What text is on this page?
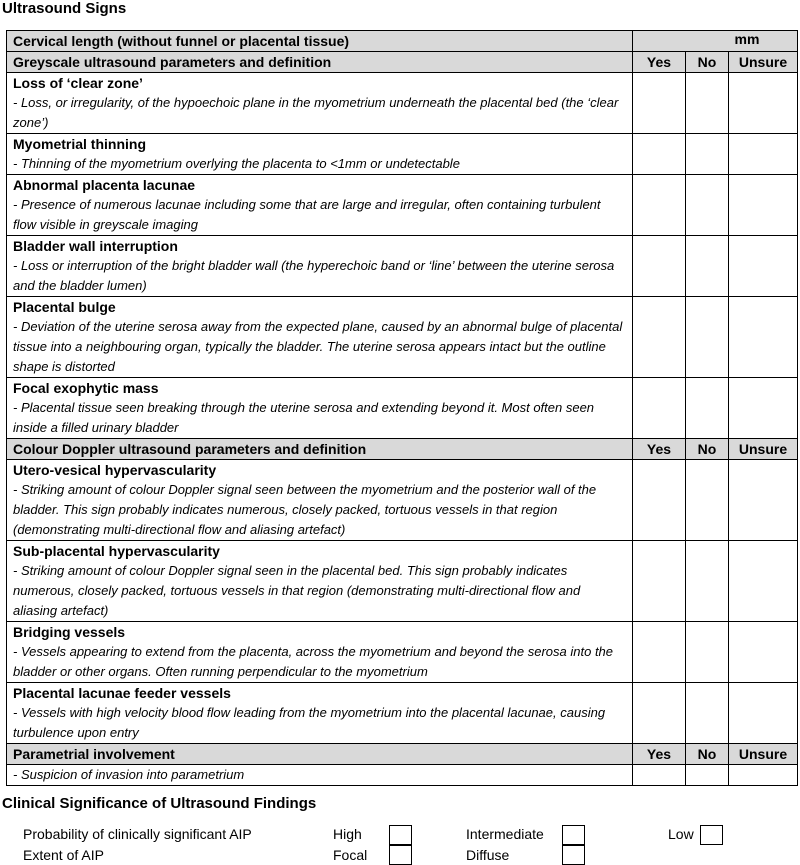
Ultrasound Signs
Cervical length (without funnel or placental tissue)	mm		
Greyscale ultrasound parameters and definition	Yes	No	Unsure

Loss of ‘clear zone’
- Loss, or irregularity, of the hypoechoic plane in the myometrium underneath the placental bed (the ‘clear zone’)			

Myometrial thinning
- Thinning of the myometrium overlying the placenta to <1mm or undetectable			

Abnormal placenta lacunae
- Presence of numerous lacunae including some that are large and irregular, often containing turbulent flow visible in greyscale imaging			

Bladder wall interruption
- Loss or interruption of the bright bladder wall (the hyperechoic band or ‘line’ between the uterine serosa and the bladder lumen)			

Placental bulge
- Deviation of the uterine serosa away from the expected plane, caused by an abnormal bulge of placental tissue into a neighbouring organ, typically the bladder. The uterine serosa appears intact but the outline shape is distorted			

Focal exophytic mass
- Placental tissue seen breaking through the uterine serosa and extending beyond it. Most often seen inside a filled urinary bladder			

Colour Doppler ultrasound parameters and definition	Yes	No	Unsure

Utero-vesical hypervascularity
- Striking amount of colour Doppler signal seen between the myometrium and the posterior wall of the bladder. This sign probably indicates numerous, closely packed, tortuous vessels in that region (demonstrating multi-directional flow and aliasing artefact)			

Sub-placental hypervascularity
- Striking amount of colour Doppler signal seen in the placental bed. This sign probably indicates numerous, closely packed, tortuous vessels in that region (demonstrating multi-directional flow and aliasing artefact)			

Bridging vessels
- Vessels appearing to extend from the placenta, across the myometrium and beyond the serosa into the bladder or other organs. Often running perpendicular to the myometrium			

Placental lacunae feeder vessels
- Vessels with high velocity blood flow leading from the myometrium into the placental lacunae, causing turbulence upon entry			

Parametrial involvement	Yes	No	Unsure

- Suspicion of invasion into parametrium			

Clinical Significance of Ultrasound Findings
Probability of clinically significant AIP	High	Intermediate	Low
Extent of AIP	Focal	Diffuse
